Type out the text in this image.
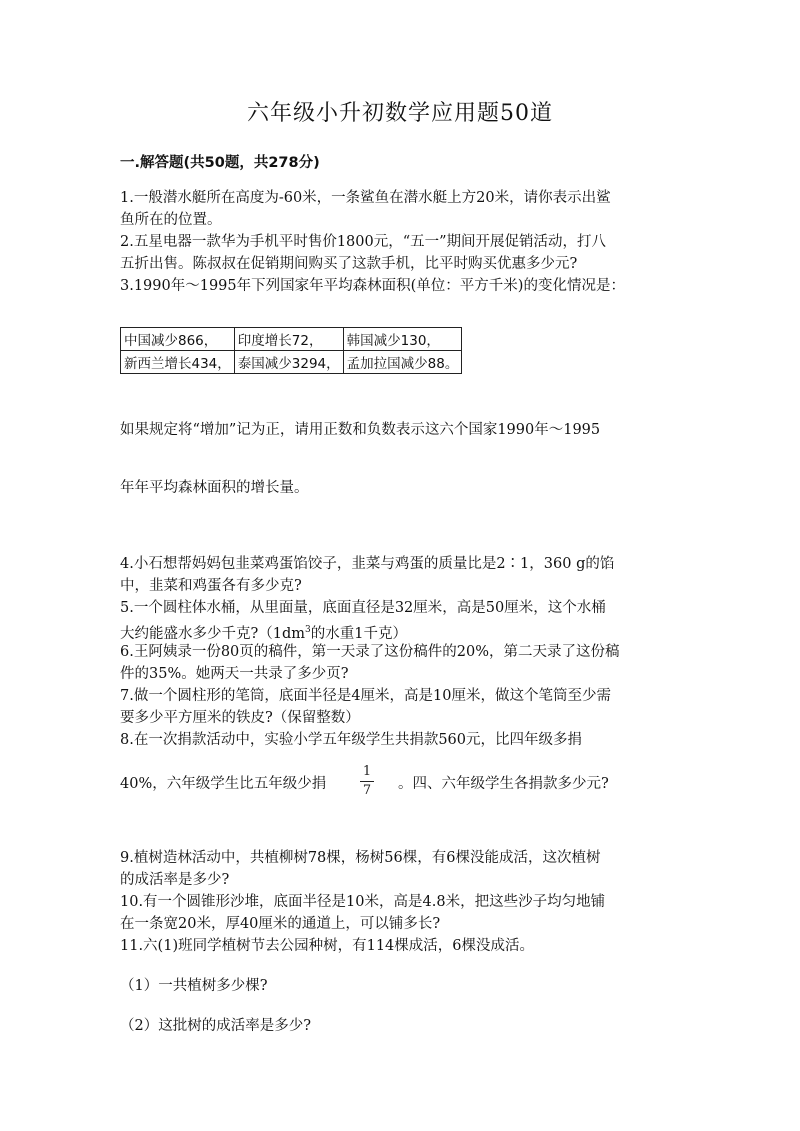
六年级小升初数学应用题50道
一.解答题(共50题，共278分)
1.一般潜水艇所在高度为-60米，一条鲨鱼在潜水艇上方20米，请你表示出鲨
鱼所在的位置。
2.五星电器一款华为手机平时售价1800元，“五一”期间开展促销活动，打八
五折出售。陈叔叔在促销期间购买了这款手机，比平时购买优惠多少元?
3.1990年～1995年下列国家年平均森林面积(单位：平方千米)的变化情况是：
中国减少866，	印度增长72，	韩国减少130，
新西兰增长434，	泰国减少3294，	孟加拉国减少88。
如果规定将“增加”记为正，请用正数和负数表示这六个国家1990年～1995
年年平均森林面积的增长量。
4.小石想帮妈妈包韭菜鸡蛋馅饺子，韭菜与鸡蛋的质量比是2∶1，360 g的馅
中，韭菜和鸡蛋各有多少克?
5.一个圆柱体水桶，从里面量，底面直径是32厘米，高是50厘米，这个水桶
大约能盛水多少千克$?(1dm^3$的水重1千克）
6.王阿姨录一份80页的稿件，第一天录了这份稿件的20%，第二天录了这份稿
件的35%。她两天一共录了多少页?
7.做一个圆柱形的笔筒，底面半径是4厘米，高是10厘米，做这个笔筒至少需
要多少平方厘米的铁皮?（保留整数）
8.在一次捐款活动中，实验小学五年级学生共捐款560元，比四年级多捐
40%，六年级学生比五年级少捐
1
7 。四、六年级学生各捐款多少元?
9.植树造林活动中，共植柳树78棵，杨树56棵，有6棵没能成活，这次植树
的成活率是多少?
10.有一个圆锥形沙堆，底面半径是10米，高是4.8米，把这些沙子均匀地铺
在一条宽20米，厚40厘米的通道上，可以铺多长?
11.六(1)班同学植树节去公园种树，有114棵成活，6棵没成活。
（1）一共植树多少棵?
（2）这批树的成活率是多少?
